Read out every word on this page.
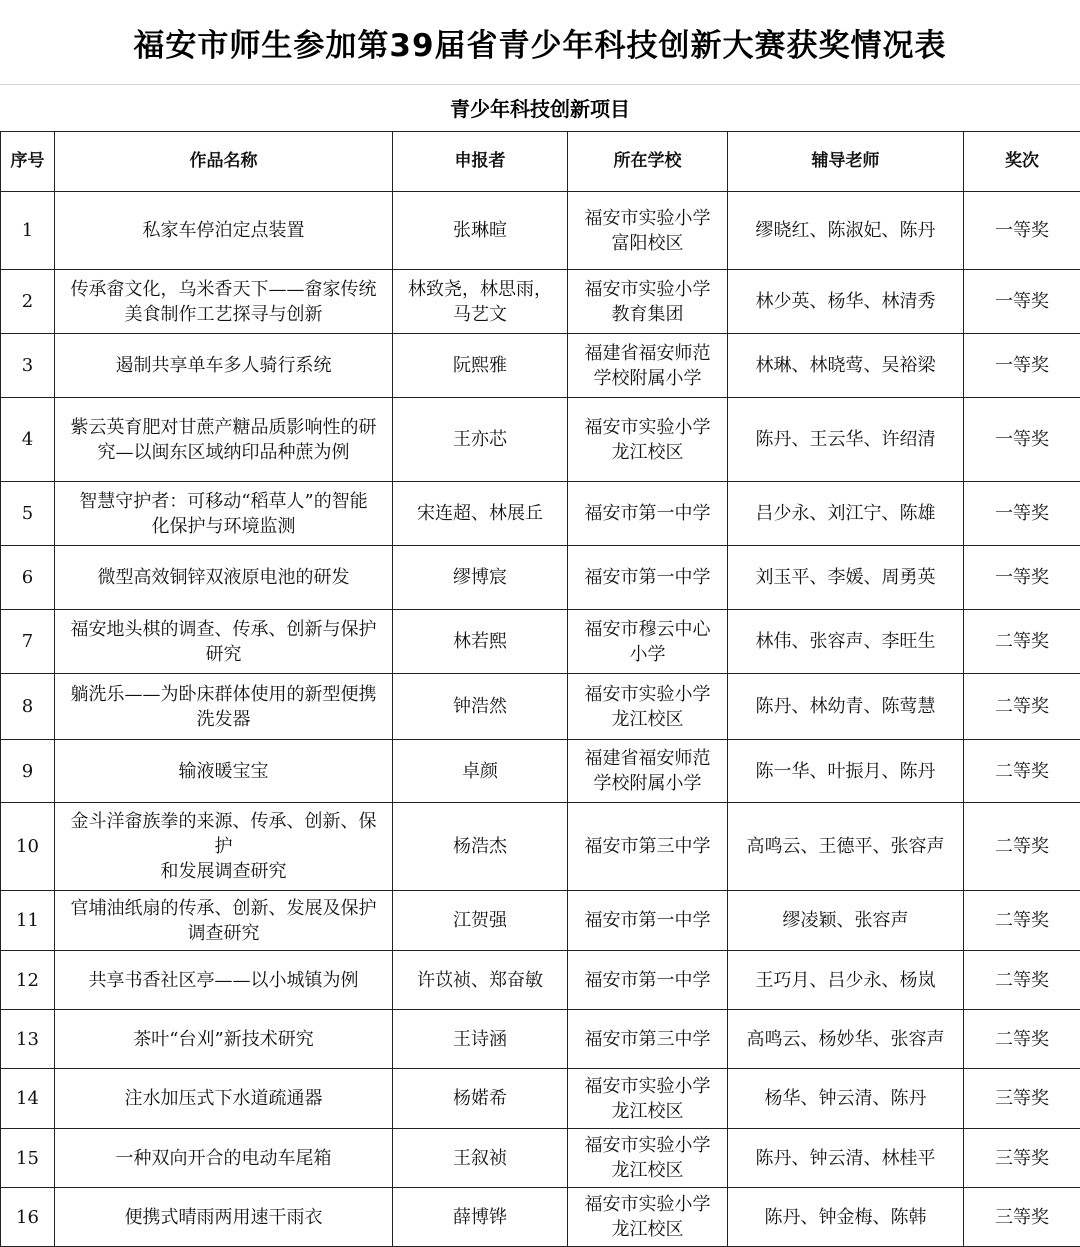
福安市师生参加第39届省青少年科技创新大赛获奖情况表
青少年科技创新项目
序号	作品名称	申报者	所在学校	辅导老师	奖次
1	私家车停泊定点装置	张琳暄	福安市实验小学
富阳校区	缪晓红、陈淑妃、陈丹	一等奖
2	传承畲文化，乌米香天下——畲家传统
美食制作工艺探寻与创新	林致尧，林思雨，
马艺文	福安市实验小学
教育集团	林少英、杨华、林清秀	一等奖
3	遏制共享单车多人骑行系统	阮熙雅	福建省福安师范
学校附属小学	林琳、林晓莺、吴裕梁	一等奖
4	紫云英育肥对甘蔗产糖品质影响性的研
究—以闽东区域纳印品种蔗为例	王亦芯	福安市实验小学
龙江校区	陈丹、王云华、许绍清	一等奖
5	智慧守护者：可移动“稻草人”的智能
化保护与环境监测	宋连超、林展丘	福安市第一中学	吕少永、刘江宁、陈雄	一等奖
6	微型高效铜锌双液原电池的研发	缪博宸	福安市第一中学	刘玉平、李媛、周勇英	一等奖
7	福安地头棋的调查、传承、创新与保护
研究	林若熙	福安市穆云中心
小学	林伟、张容声、李旺生	二等奖
8	躺洗乐——为卧床群体使用的新型便携
洗发器	钟浩然	福安市实验小学
龙江校区	陈丹、林幼青、陈莺慧	二等奖
9	输液暖宝宝	卓颜	福建省福安师范
学校附属小学	陈一华、叶振月、陈丹	二等奖
10	金斗洋畲族拳的来源、传承、创新、保
护
和发展调查研究	杨浩杰	福安市第三中学	高鸣云、王德平、张容声	二等奖
11	官埔油纸扇的传承、创新、发展及保护
调查研究	江贺强	福安市第一中学	缪凌颖、张容声	二等奖
12	共享书香社区亭——以小城镇为例	许苡祯、郑奋敏	福安市第一中学	王巧月、吕少永、杨岚	二等奖
13	茶叶“台刈”新技术研究	王诗涵	福安市第三中学	高鸣云、杨妙华、张容声	二等奖
14	注水加压式下水道疏通器	杨婼希	福安市实验小学
龙江校区	杨华、钟云清、陈丹	三等奖
15	一种双向开合的电动车尾箱	王叙祯	福安市实验小学
龙江校区	陈丹、钟云清、林桂平	三等奖
16	便携式晴雨两用速干雨衣	薛博铧	福安市实验小学
龙江校区	陈丹、钟金梅、陈韩	三等奖
